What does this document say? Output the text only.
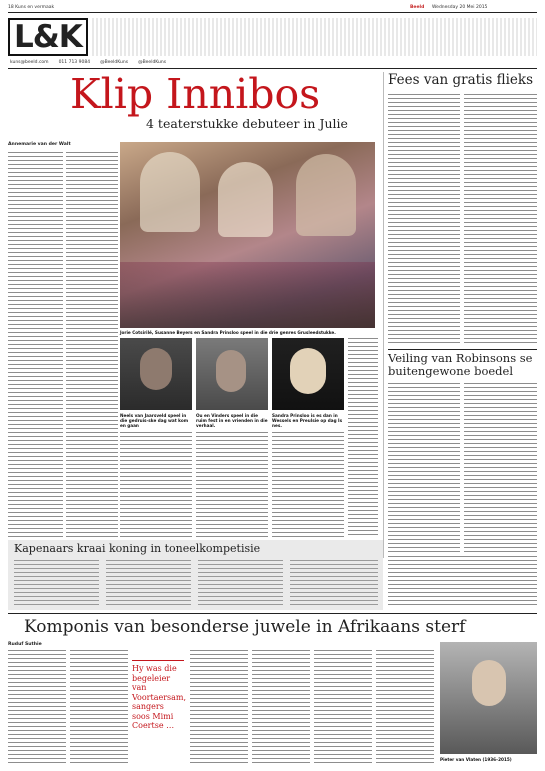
18 Kuns en vermaak	Beeld Wednesday 20 Mei 2015
L&K
kuns@beeld.com 011 713 9084 @BeeldKuns @BeeldKuns
Klip Innibos
4 teaterstukke debuteer in Julie
Jorie Cotsirilé, Susanne Beyers en Sandra Prinsloo speel in die drie genres Grusleedstukke.
Annemarie van der Walt
Neels van Jaarsveld speel in die gedruis-ske dag wat kom en gaan
Ou en Vinders speel in die ruim fest in en vrienden in die verhaal.
Sandra Prinsloo is es dan in Wessels en Preulsie op dag Is nes.
Fees van gratis flieks
Veiling van Robinsons se buitengewone boedel
Kapenaars kraai koning in toneelkompetisie
Komponis van besonderse juwele in Afrikaans sterf
Ruduf Suthie
Hy was die begeleier van Voortaersam, sangers soos Mimi Coertse …
Pieter van Vlaten (1936–2015)
